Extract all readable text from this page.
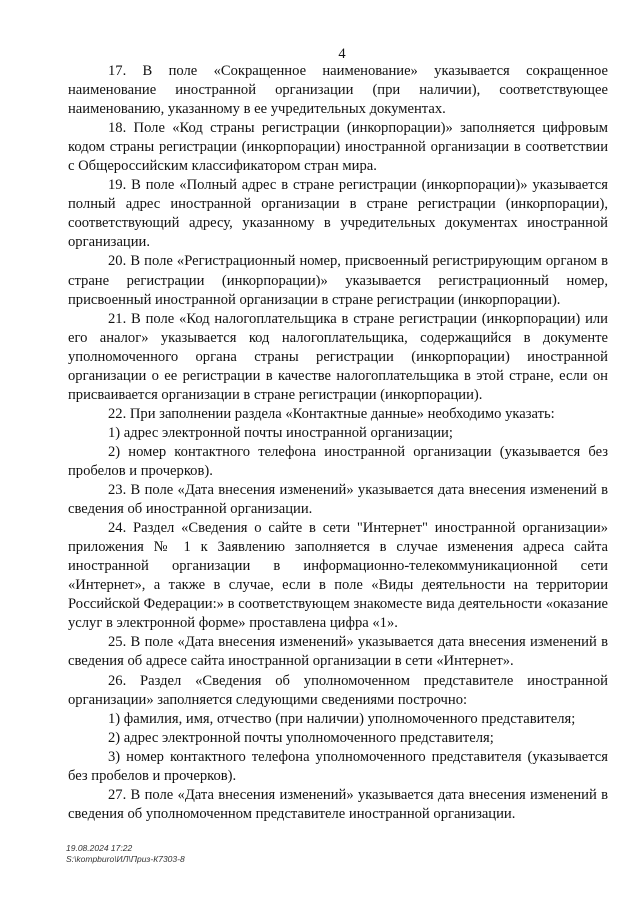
4

17. В поле «Сокращенное наименование» указывается сокращенное наименование иностранной организации (при наличии), соответствующее наименованию, указанному в ее учредительных документах.

18. Поле «Код страны регистрации (инкорпорации)» заполняется цифровым кодом страны регистрации (инкорпорации) иностранной организации в соответствии с Общероссийским классификатором стран мира.

19. В поле «Полный адрес в стране регистрации (инкорпорации)» указывается полный адрес иностранной организации в стране регистрации (инкорпорации), соответствующий адресу, указанному в учредительных документах иностранной организации.

20. В поле «Регистрационный номер, присвоенный регистрирующим органом в стране регистрации (инкорпорации)» указывается регистрационный номер, присвоенный иностранной организации в стране регистрации (инкорпорации).

21. В поле «Код налогоплательщика в стране регистрации (инкорпорации) или его аналог» указывается код налогоплательщика, содержащийся в документе уполномоченного органа страны регистрации (инкорпорации) иностранной организации о ее регистрации в качестве налогоплательщика в этой стране, если он присваивается организации в стране регистрации (инкорпорации).

22. При заполнении раздела «Контактные данные» необходимо указать:

1) адрес электронной почты иностранной организации;

2) номер контактного телефона иностранной организации (указывается без пробелов и прочерков).

23. В поле «Дата внесения изменений» указывается дата внесения изменений в сведения об иностранной организации.

24. Раздел «Сведения о сайте в сети "Интернет" иностранной организации» приложения № 1 к Заявлению заполняется в случае изменения адреса сайта иностранной организации в информационно-телекоммуникационной сети «Интернет», а также в случае, если в поле «Виды деятельности на территории Российской Федерации:» в соответствующем знакоместе вида деятельности «оказание услуг в электронной форме» проставлена цифра «1».

25. В поле «Дата внесения изменений» указывается дата внесения изменений в сведения об адресе сайта иностранной организации в сети «Интернет».

26. Раздел «Сведения об уполномоченном представителе иностранной организации» заполняется следующими сведениями построчно:

1) фамилия, имя, отчество (при наличии) уполномоченного представителя;

2) адрес электронной почты уполномоченного представителя;

3) номер контактного телефона уполномоченного представителя (указывается без пробелов и прочерков).

27. В поле «Дата внесения изменений» указывается дата внесения изменений в сведения об уполномоченном представителе иностранной организации.

19.08.2024 17:22
S:\kompburo\ИЛ\Приз-К7303-8
